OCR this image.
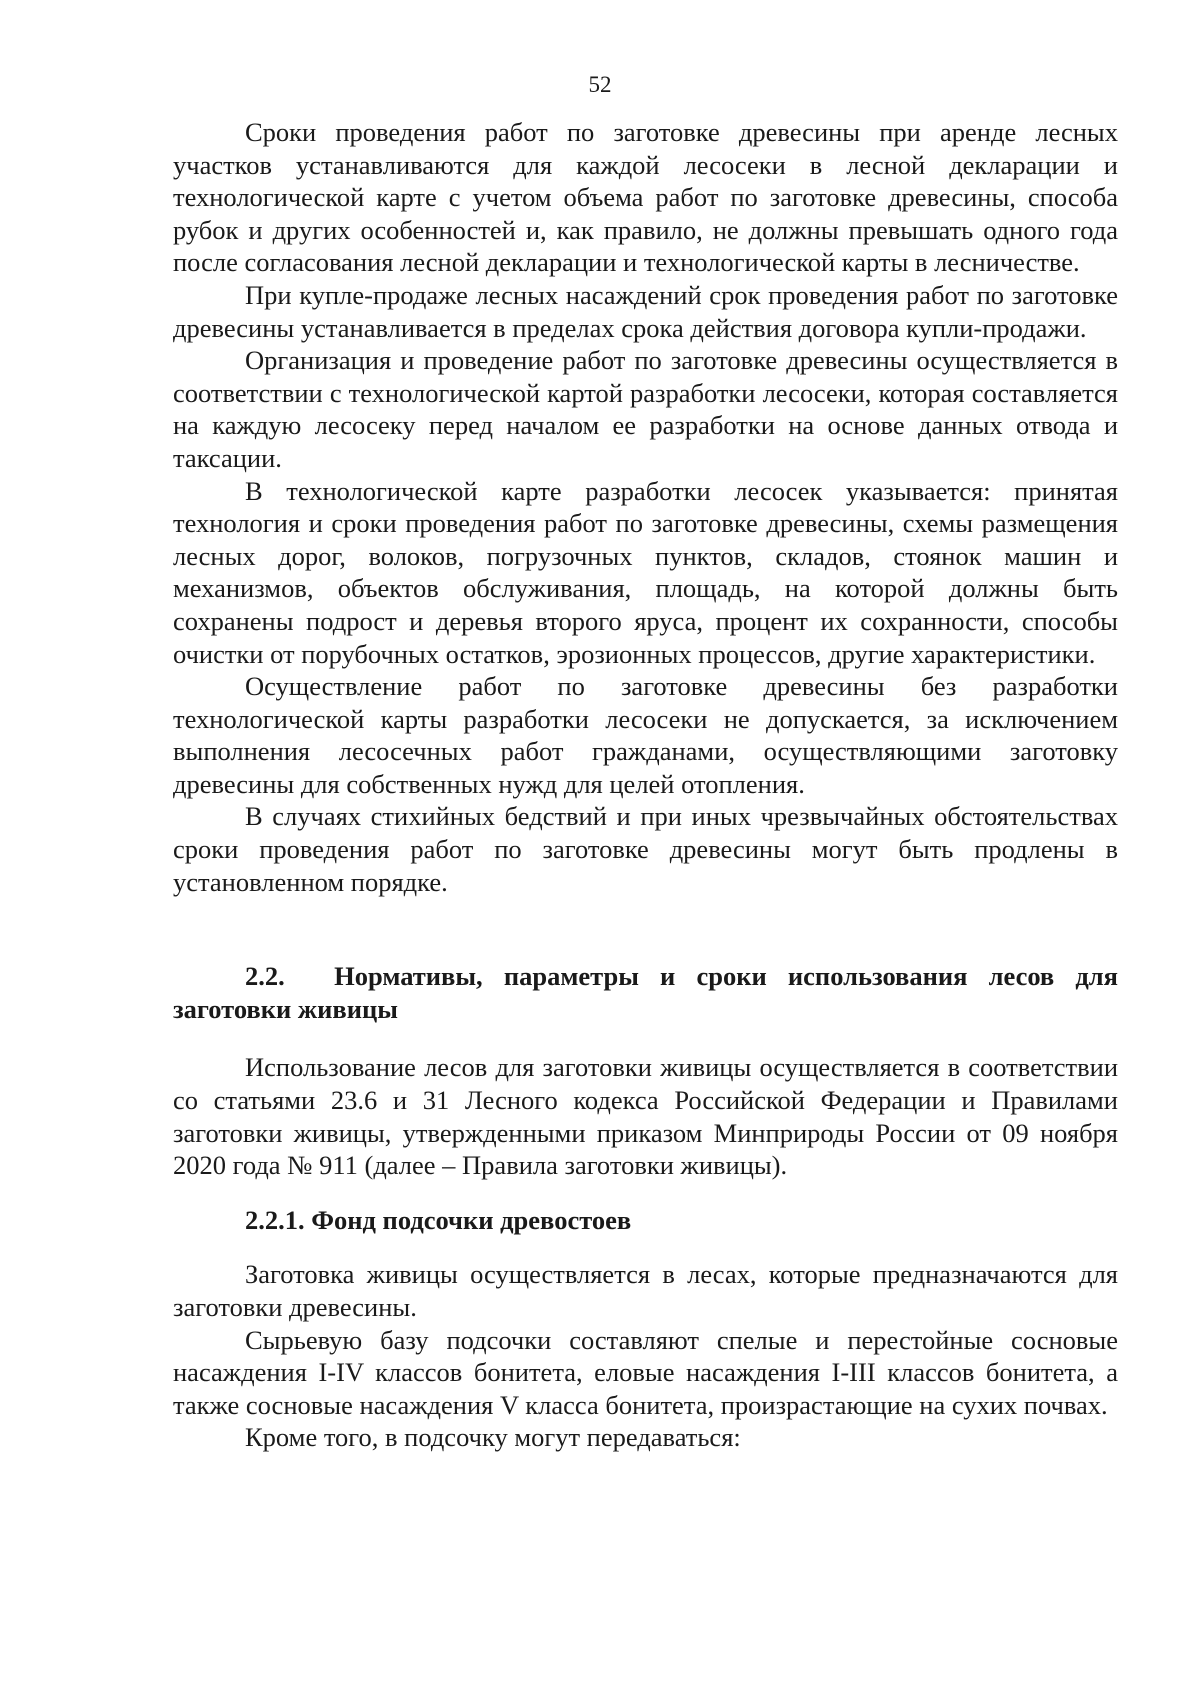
52

Сроки проведения работ по заготовке древесины при аренде лесных участков устанавливаются для каждой лесосеки в лесной декларации и технологической карте с учетом объема работ по заготовке древесины, способа рубок и других особенностей и, как правило, не должны превышать одного года после согласования лесной декларации и технологической карты в лесничестве.

При купле-продаже лесных насаждений срок проведения работ по заготовке древесины устанавливается в пределах срока действия договора купли-продажи.

Организация и проведение работ по заготовке древесины осуществляется в соответствии с технологической картой разработки лесосеки, которая составляется на каждую лесосеку перед началом ее разработки на основе данных отвода и таксации.

В технологической карте разработки лесосек указывается: принятая технология и сроки проведения работ по заготовке древесины, схемы размещения лесных дорог, волоков, погрузочных пунктов, складов, стоянок машин и механизмов, объектов обслуживания, площадь, на которой должны быть сохранены подрост и деревья второго яруса, процент их сохранности, способы очистки от порубочных остатков, эрозионных процессов, другие характеристики.

Осуществление работ по заготовке древесины без разработки технологической карты разработки лесосеки не допускается, за исключением выполнения лесосечных работ гражданами, осуществляющими заготовку древесины для собственных нужд для целей отопления.

В случаях стихийных бедствий и при иных чрезвычайных обстоятельствах сроки проведения работ по заготовке древесины могут быть продлены в установленном порядке.

2.2. Нормативы, параметры и сроки использования лесов для заготовки живицы

Использование лесов для заготовки живицы осуществляется в соответствии со статьями 23.6 и 31 Лесного кодекса Российской Федерации и Правилами заготовки живицы, утвержденными приказом Минприроды России от 09 ноября 2020 года № 911 (далее – Правила заготовки живицы).

2.2.1. Фонд подсочки древостоев

Заготовка живицы осуществляется в лесах, которые предназначаются для заготовки древесины.

Сырьевую базу подсочки составляют спелые и перестойные сосновые насаждения I-IV классов бонитета, еловые насаждения I-III классов бонитета, а также сосновые насаждения V класса бонитета, произрастающие на сухих почвах.

Кроме того, в подсочку могут передаваться:
